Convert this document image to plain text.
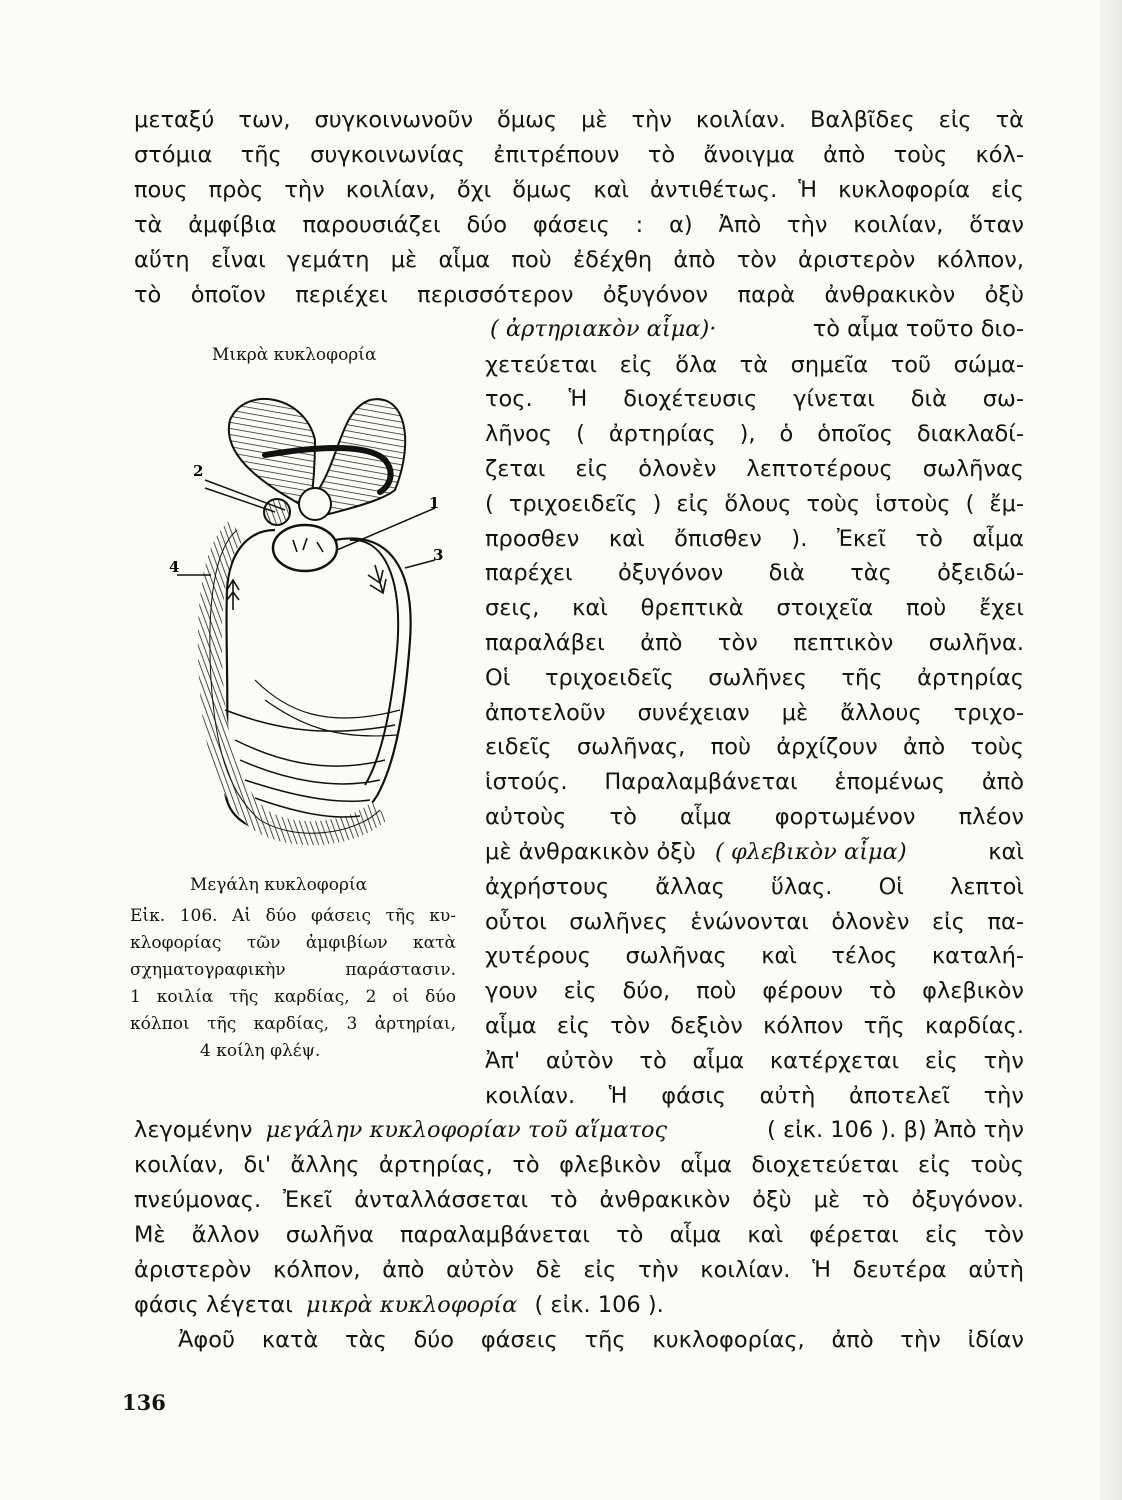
μεταξύ των, συγκοινωνοῦν ὅμως μὲ τὴν κοιλίαν. Βαλβῖδες εἰς τὰ
στόμια τῆς συγκοινωνίας ἐπιτρέπουν τὸ ἄνοιγμα ἀπὸ τοὺς κόλ-
πους πρὸς τὴν κοιλίαν, ὄχι ὅμως καὶ ἀντιθέτως. Ἡ κυκλοφορία εἰς
τὰ ἀμφίβια παρουσιάζει δύο φάσεις : α) Ἀπὸ τὴν κοιλίαν, ὅταν
αὕτη εἶναι γεμάτη μὲ αἷμα ποὺ ἐδέχθη ἀπὸ τὸν ἀριστερὸν κόλπον,
τὸ ὁποῖον περιέχει περισσότερον ὀξυγόνον παρὰ ἀνθρακικὸν ὀξὺ
( ἀρτηριακὸν αἷμα)·	τὸ αἷμα τοῦτο διο-
χετεύεται εἰς ὅλα τὰ σημεῖα τοῦ σώμα-
τος. Ἡ διοχέτευσις γίνεται διὰ σω-
λῆνος ( ἀρτηρίας ), ὁ ὁποῖος διακλαδί-
ζεται εἰς ὁλονὲν λεπτοτέρους σωλῆνας
( τριχοειδεῖς ) εἰς ὅλους τοὺς ἱστοὺς ( ἔμ-
προσθεν καὶ ὄπισθεν ). Ἐκεῖ τὸ αἷμα
παρέχει ὀξυγόνον διὰ τὰς ὀξειδώ-
σεις, καὶ θρεπτικὰ στοιχεῖα ποὺ ἔχει
παραλάβει ἀπὸ τὸν πεπτικὸν σωλῆνα.
Οἱ τριχοειδεῖς σωλῆνες τῆς ἀρτηρίας
ἀποτελοῦν συνέχειαν μὲ ἄλλους τριχο-
ειδεῖς σωλῆνας, ποὺ ἀρχίζουν ἀπὸ τοὺς
ἱστούς. Παραλαμβάνεται ἑπομένως ἀπὸ
αὐτοὺς τὸ αἷμα φορτωμένον πλέον
μὲ ἀνθρακικὸν ὀξὺ ( φλεβικὸν αἷμα)	καὶ
ἀχρήστους ἄλλας ὕλας. Οἱ λεπτοὶ
οὗτοι σωλῆνες ἑνώνονται ὁλονὲν εἰς πα-
χυτέρους σωλῆνας καὶ τέλος καταλή-
γουν εἰς δύο, ποὺ φέρουν τὸ φλεβικὸν
αἷμα εἰς τὸν δεξιὸν κόλπον τῆς καρδίας.
Ἀπ' αὐτὸν τὸ αἷμα κατέρχεται εἰς τὴν
κοιλίαν. Ἡ φάσις αὐτὴ ἀποτελεῖ τὴν
λεγομένην μεγάλην κυκλοφορίαν τοῦ αἵματος	( εἰκ. 106 ). β) Ἀπὸ τὴν
κοιλίαν, δι' ἄλλης ἀρτηρίας, τὸ φλεβικὸν αἷμα διοχετεύεται εἰς τοὺς
πνεύμονας. Ἐκεῖ ἀνταλλάσσεται τὸ ἀνθρακικὸν ὀξὺ μὲ τὸ ὀξυγόνον.
Μὲ ἄλλον σωλῆνα παραλαμβάνεται τὸ αἷμα καὶ φέρεται εἰς τὸν
ἀριστερὸν κόλπον, ἀπὸ αὐτὸν δὲ εἰς τὴν κοιλίαν. Ἡ δευτέρα αὐτὴ
φάσις λέγεται μικρὰ κυκλοφορία ( εἰκ. 106 ).
Ἀφοῦ κατὰ τὰς δύο φάσεις τῆς κυκλοφορίας, ἀπὸ τὴν ἰδίαν
Μικρὰ κυκλοφορία
1
2
3
4
Μεγάλη κυκλοφορία
Εἰκ. 106. Αἱ δύο φάσεις τῆς κυ-
κλοφορίας τῶν ἀμφιβίων κατὰ
σχηματογραφικὴν παράστασιν.
1 κοιλία τῆς καρδίας, 2 οἱ δύο
κόλποι τῆς καρδίας, 3 ἀρτηρίαι,
4 κοίλη φλέψ.
136
